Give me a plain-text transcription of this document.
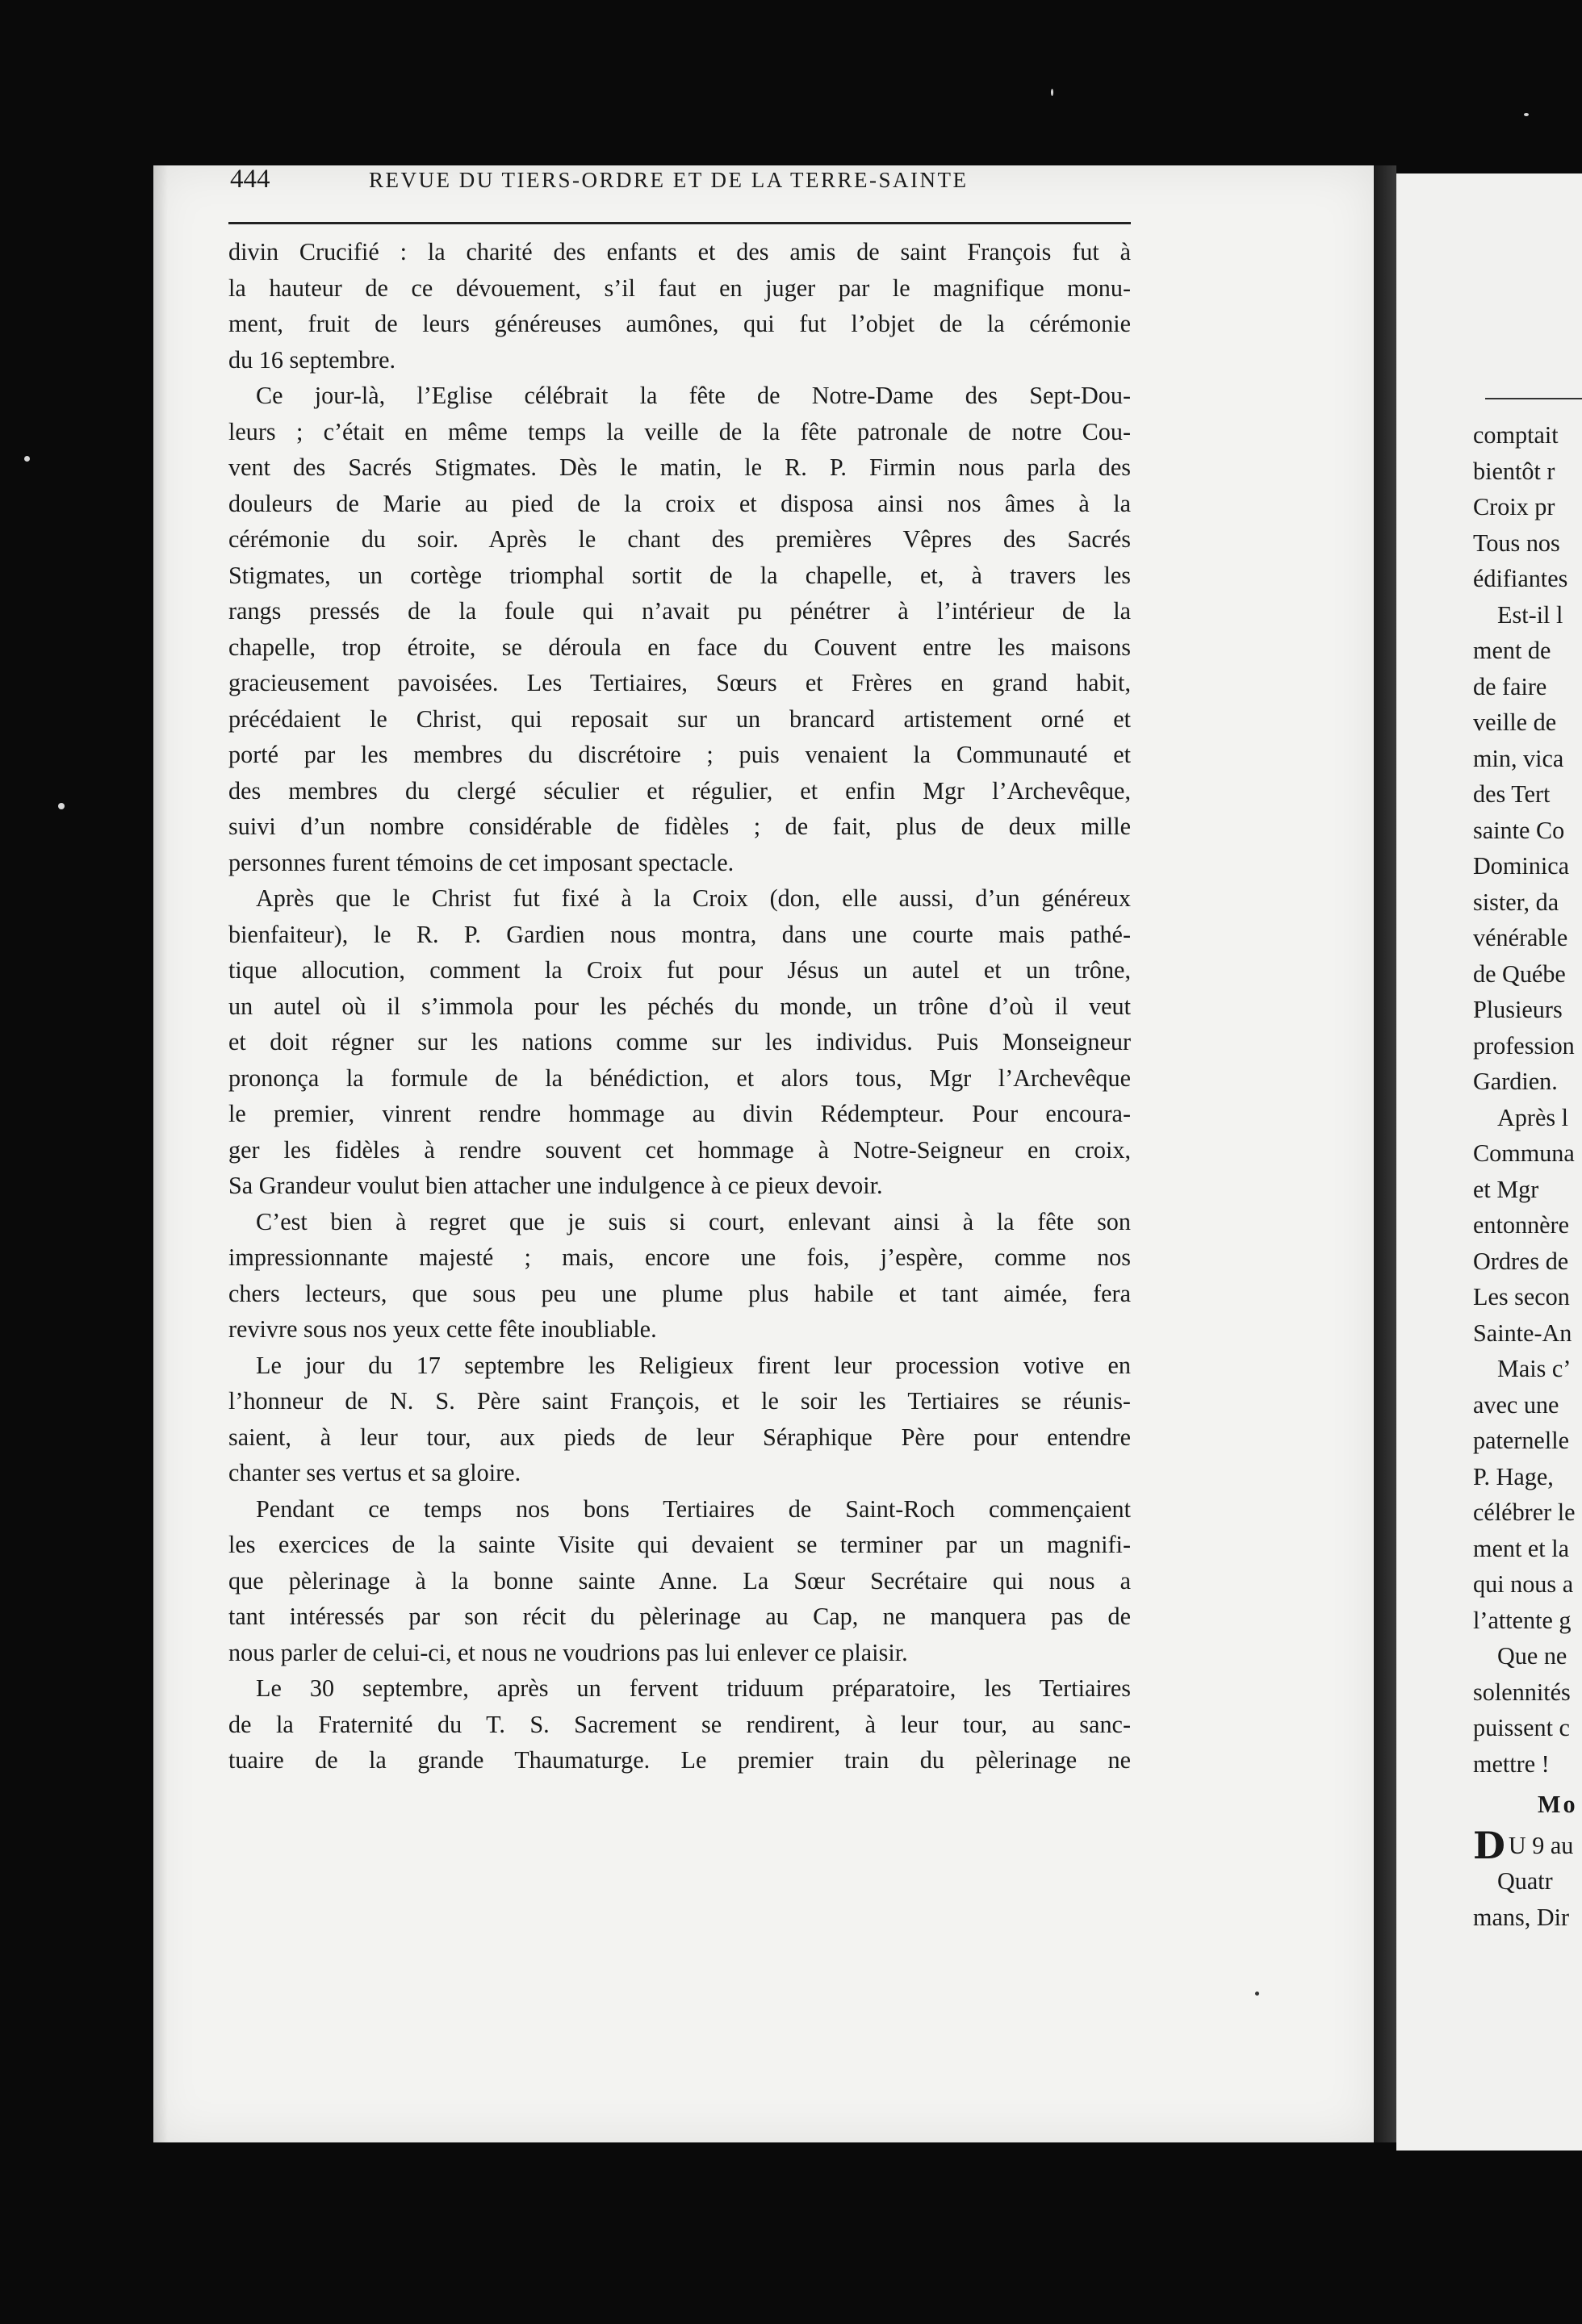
444	REVUE DU TIERS-ORDRE ET DE LA TERRE-SAINTE
divin Crucifié : la charité des enfants et des amis de saint François fut à
la hauteur de ce dévouement, s’il faut en juger par le magnifique monu-
ment, fruit de leurs généreuses aumônes, qui fut l’objet de la cérémonie
du 16 septembre.
Ce jour-là, l’Eglise célébrait la fête de Notre-Dame des Sept-Dou-
leurs ; c’était en même temps la veille de la fête patronale de notre Cou-
vent des Sacrés Stigmates. Dès le matin, le R. P. Firmin nous parla des
douleurs de Marie au pied de la croix et disposa ainsi nos âmes à la
cérémonie du soir. Après le chant des premières Vêpres des Sacrés
Stigmates, un cortège triomphal sortit de la chapelle, et, à travers les
rangs pressés de la foule qui n’avait pu pénétrer à l’intérieur de la
chapelle, trop étroite, se déroula en face du Couvent entre les maisons
gracieusement pavoisées. Les Tertiaires, Sœurs et Frères en grand habit,
précédaient le Christ, qui reposait sur un brancard artistement orné et
porté par les membres du discrétoire ; puis venaient la Communauté et
des membres du clergé séculier et régulier, et enfin Mgr l’Archevêque,
suivi d’un nombre considérable de fidèles ; de fait, plus de deux mille
personnes furent témoins de cet imposant spectacle.
Après que le Christ fut fixé à la Croix (don, elle aussi, d’un généreux
bienfaiteur), le R. P. Gardien nous montra, dans une courte mais pathé-
tique allocution, comment la Croix fut pour Jésus un autel et un trône,
un autel où il s’immola pour les péchés du monde, un trône d’où il veut
et doit régner sur les nations comme sur les individus. Puis Monseigneur
prononça la formule de la bénédiction, et alors tous, Mgr l’Archevêque
le premier, vinrent rendre hommage au divin Rédempteur. Pour encoura-
ger les fidèles à rendre souvent cet hommage à Notre-Seigneur en croix,
Sa Grandeur voulut bien attacher une indulgence à ce pieux devoir.
C’est bien à regret que je suis si court, enlevant ainsi à la fête son
impressionnante majesté ; mais, encore une fois, j’espère, comme nos
chers lecteurs, que sous peu une plume plus habile et tant aimée, fera
revivre sous nos yeux cette fête inoubliable.
Le jour du 17 septembre les Religieux firent leur procession votive en
l’honneur de N. S. Père saint François, et le soir les Tertiaires se réunis-
saient, à leur tour, aux pieds de leur Séraphique Père pour entendre
chanter ses vertus et sa gloire.
Pendant ce temps nos bons Tertiaires de Saint-Roch commençaient
les exercices de la sainte Visite qui devaient se terminer par un magnifi-
que pèlerinage à la bonne sainte Anne. La Sœur Secrétaire qui nous a
tant intéressés par son récit du pèlerinage au Cap, ne manquera pas de
nous parler de celui-ci, et nous ne voudrions pas lui enlever ce plaisir.
Le 30 septembre, après un fervent triduum préparatoire, les Tertiaires
de la Fraternité du T. S. Sacrement se rendirent, à leur tour, au sanc-
tuaire de la grande Thaumaturge. Le premier train du pèlerinage ne
comptait
bientôt r
Croix pr
Tous nos
édifiantes
Est-il l
ment de
de faire
veille de
min, vica
des Tert
sainte Co
Dominica
sister, da
vénérable
de Québe
Plusieurs
profession
Gardien.
Après l
Communa
et Mgr
entonnère
Ordres de
Les secon
Sainte-An
Mais c’
avec une
paternelle
P. Hage,
célébrer le
ment et la
qui nous a
l’attente g
Que ne
solennités
puissent c
mettre !
Mo
D U 9 au
Quatr
mans, Dir
